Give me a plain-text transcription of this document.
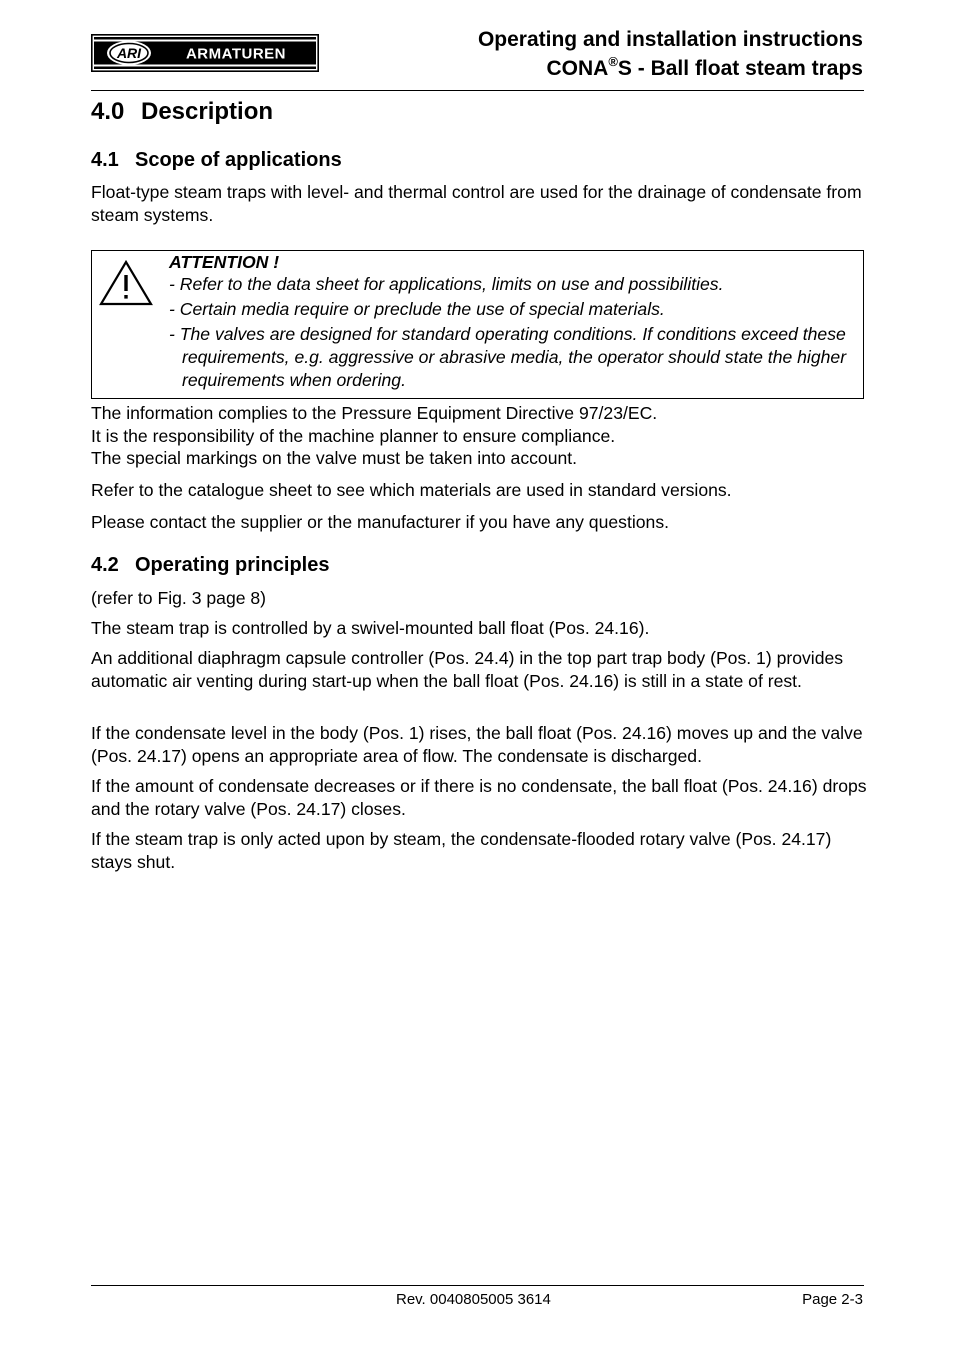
ARI	ARMATUREN
Operating and installation instructions
CONA®S - Ball float steam traps
4.0 Description
4.1 Scope of applications

Float-type steam traps with level- and thermal control are used for the drainage of condensate from steam systems.

ATTENTION !

- Refer to the data sheet for applications, limits on use and possibilities.

- Certain media require or preclude the use of special materials.

- The valves are designed for standard operating conditions. If conditions exceed these requirements, e.g. aggressive or abrasive media, the operator should state the higher requirements when ordering.

The information complies to the Pressure Equipment Directive 97/23/EC.

It is the responsibility of the machine planner to ensure compliance.

The special markings on the valve must be taken into account.

Refer to the catalogue sheet to see which materials are used in standard versions.

Please contact the supplier or the manufacturer if you have any questions.

4.2 Operating principles

(refer to Fig. 3 page 8)

The steam trap is controlled by a swivel-mounted ball float (Pos. 24.16).

An additional diaphragm capsule controller (Pos. 24.4) in the top part trap body (Pos. 1) provides automatic air venting during start-up when the ball float (Pos. 24.16) is still in a state of rest.

If the condensate level in the body (Pos. 1) rises, the ball float (Pos. 24.16) moves up and the valve (Pos. 24.17) opens an appropriate area of flow. The condensate is discharged.

If the amount of condensate decreases or if there is no condensate, the ball float (Pos. 24.16) drops and the rotary valve (Pos. 24.17) closes.

If the steam trap is only acted upon by steam, the condensate-flooded rotary valve (Pos. 24.17) stays shut.

Rev. 0040805005 3614	Page 2-3
